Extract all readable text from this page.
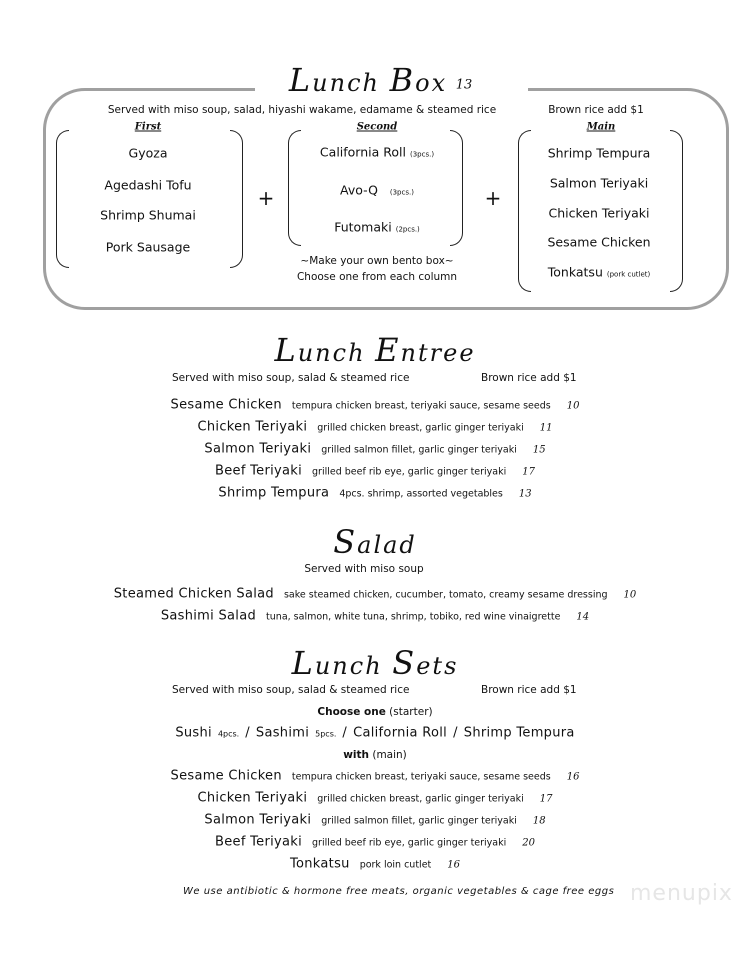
Lunch Box 13
Served with miso soup, salad, hiyashi wakame, edamame & steamed rice	Brown rice add $1
First	Second	Main
Gyoza
Agedashi Tofu
Shrimp Shumai
Pork Sausage
+	+
California Roll (3pcs.)
Avo-Q (3pcs.)
Futomaki (2pcs.)
~Make your own bento box~
Choose one from each column
Shrimp Tempura
Salmon Teriyaki
Chicken Teriyaki
Sesame Chicken
Tonkatsu (pork cutlet)
Lunch Entree
Served with miso soup, salad & steamed rice	Brown rice add $1
Sesame Chicken tempura chicken breast, teriyaki sauce, sesame seeds 10
Chicken Teriyaki grilled chicken breast, garlic ginger teriyaki 11
Salmon Teriyaki grilled salmon fillet, garlic ginger teriyaki 15
Beef Teriyaki grilled beef rib eye, garlic ginger teriyaki 17
Shrimp Tempura 4pcs. shrimp, assorted vegetables 13
Salad
Served with miso soup
Steamed Chicken Salad sake steamed chicken, cucumber, tomato, creamy sesame dressing 10
Sashimi Salad tuna, salmon, white tuna, shrimp, tobiko, red wine vinaigrette 14
Lunch Sets
Served with miso soup, salad & steamed rice	Brown rice add $1
Choose one (starter)
Sushi 4pcs. / Sashimi 5pcs. / California Roll / Shrimp Tempura
with (main)
Sesame Chicken tempura chicken breast, teriyaki sauce, sesame seeds 16
Chicken Teriyaki grilled chicken breast, garlic ginger teriyaki 17
Salmon Teriyaki grilled salmon fillet, garlic ginger teriyaki 18
Beef Teriyaki grilled beef rib eye, garlic ginger teriyaki 20
Tonkatsu pork loin cutlet 16
We use antibiotic & hormone free meats, organic vegetables & cage free eggs menupix
